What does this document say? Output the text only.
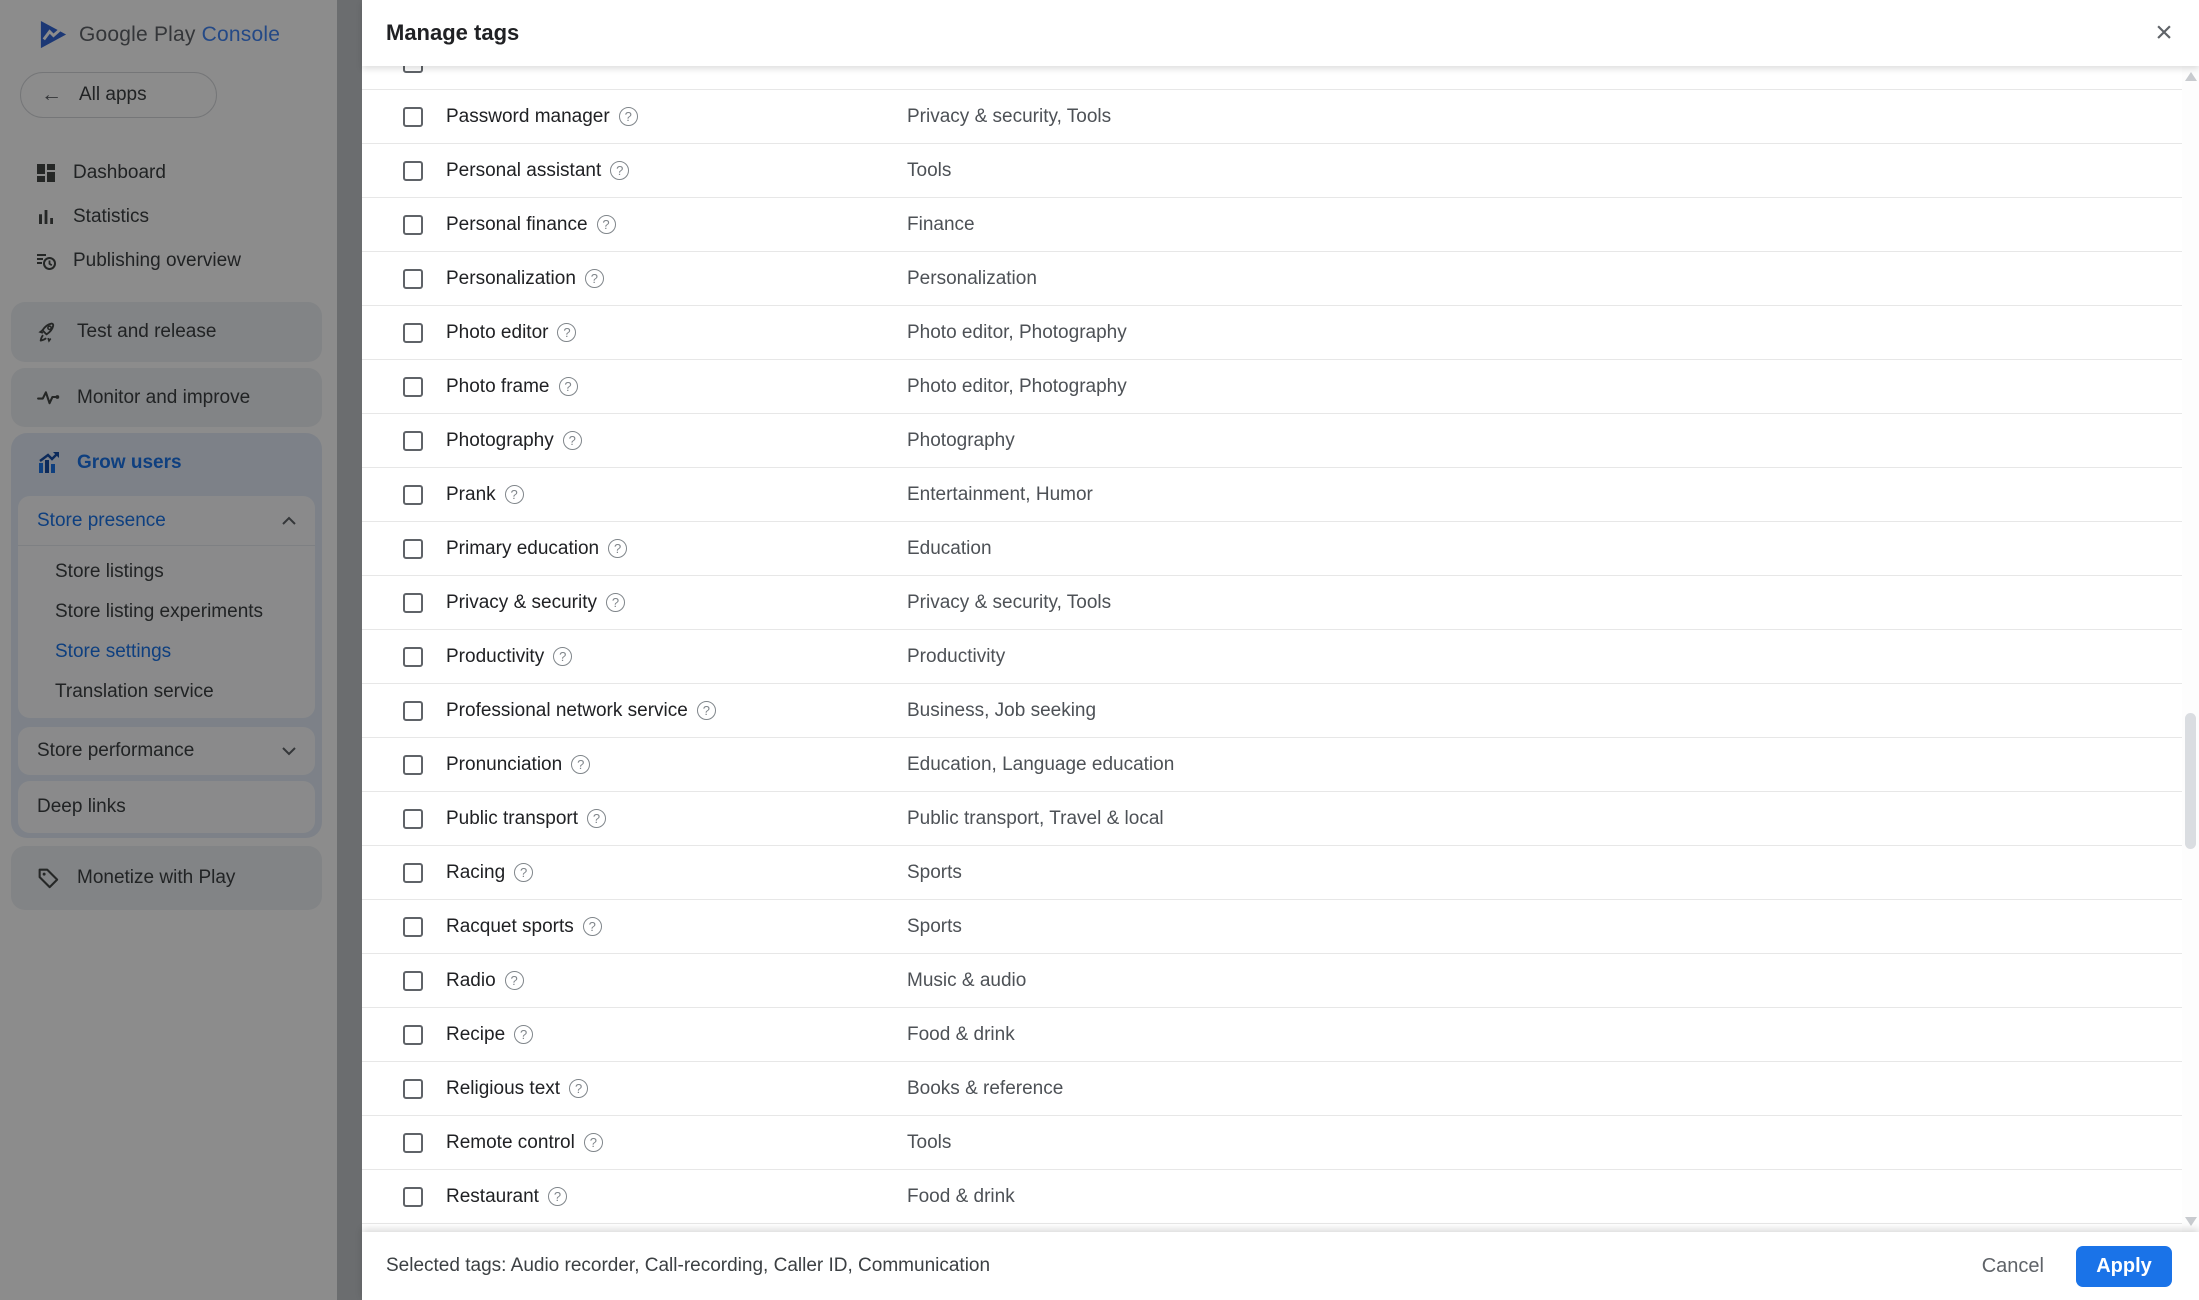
Google Play Console
← All apps
Dashboard
Statistics
Publishing overview
Test and release
Monitor and improve
Grow users
Store presence
Store listings
Store listing experiments
Store settings
Translation service
Store performance
Deep links
Monetize with Play
Manage tags	×
Password manager	?	Privacy & security, Tools
Personal assistant	?	Tools
Personal finance	?	Finance
Personalization	?	Personalization
Photo editor	?	Photo editor, Photography
Photo frame	?	Photo editor, Photography
Photography	?	Photography
Prank	?	Entertainment, Humor
Primary education	?	Education
Privacy & security	?	Privacy & security, Tools
Productivity	?	Productivity
Professional network service	?	Business, Job seeking
Pronunciation	?	Education, Language education
Public transport	?	Public transport, Travel & local
Racing	?	Sports
Racquet sports	?	Sports
Radio	?	Music & audio
Recipe	?	Food & drink
Religious text	?	Books & reference
Remote control	?	Tools
Restaurant	?	Food & drink
Selected tags: Audio recorder, Call-recording, Caller ID, Communication	Cancel	Apply
